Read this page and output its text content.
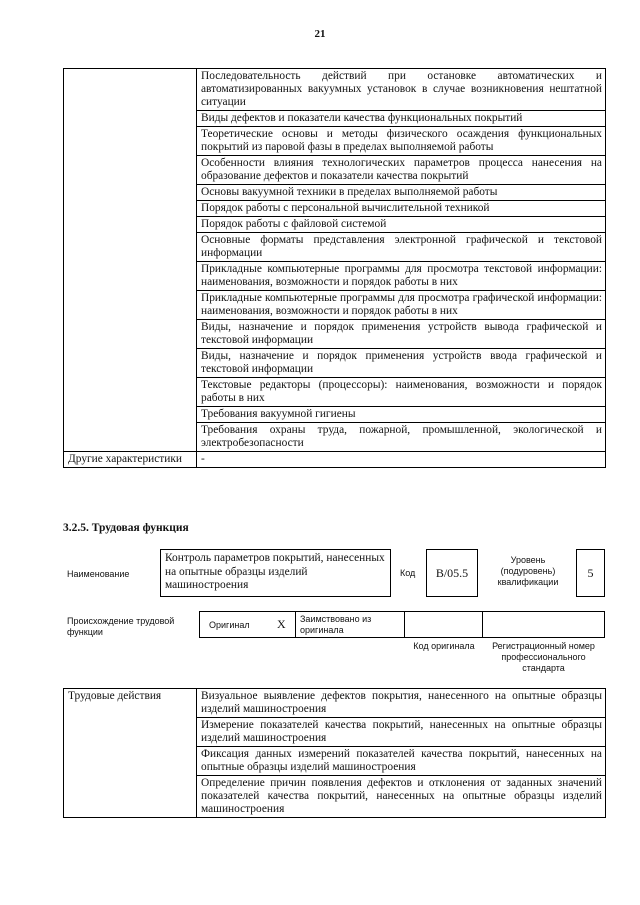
21
	Последовательность действий при остановке автоматических и автоматизированных вакуумных установок в случае возникновения нештатной ситуации
	Виды дефектов и показатели качества функциональных покрытий
	Теоретические основы и методы физического осаждения функциональных покрытий из паровой фазы в пределах выполняемой работы
	Особенности влияния технологических параметров процесса нанесения на образование дефектов и показатели качества покрытий
	Основы вакуумной техники в пределах выполняемой работы
	Порядок работы с персональной вычислительной техникой
	Порядок работы с файловой системой
	Основные форматы представления электронной графической и текстовой информации
	Прикладные компьютерные программы для просмотра текстовой информации: наименования, возможности и порядок работы в них
	Прикладные компьютерные программы для просмотра графической информации: наименования, возможности и порядок работы в них
	Виды, назначение и порядок применения устройств вывода графической и текстовой информации
	Виды, назначение и порядок применения устройств ввода графической и текстовой информации
	Текстовые редакторы (процессоры): наименования, возможности и порядок работы в них
	Требования вакуумной гигиены
	Требования охраны труда, пожарной, промышленной, экологической и электробезопасности
Другие характеристики	-
3.2.5. Трудовая функция
Наименование
Контроль параметров покрытий, нанесенных на опытные образцы изделий машиностроения
Код	В/05.5
Уровень (подуровень) квалификации
5
Происхождение трудовой функции
Оригинал Х Заимствовано из оригинала
Код оригинала	Регистрационный номер профессионального стандарта
Трудовые действия	Визуальное выявление дефектов покрытия, нанесенного на опытные образцы изделий машиностроения
Измерение показателей качества покрытий, нанесенных на опытные образцы изделий машиностроения
Фиксация данных измерений показателей качества покрытий, нанесенных на опытные образцы изделий машиностроения
Определение причин появления дефектов и отклонения от заданных значений показателей качества покрытий, нанесенных на опытные образцы изделий машиностроения
